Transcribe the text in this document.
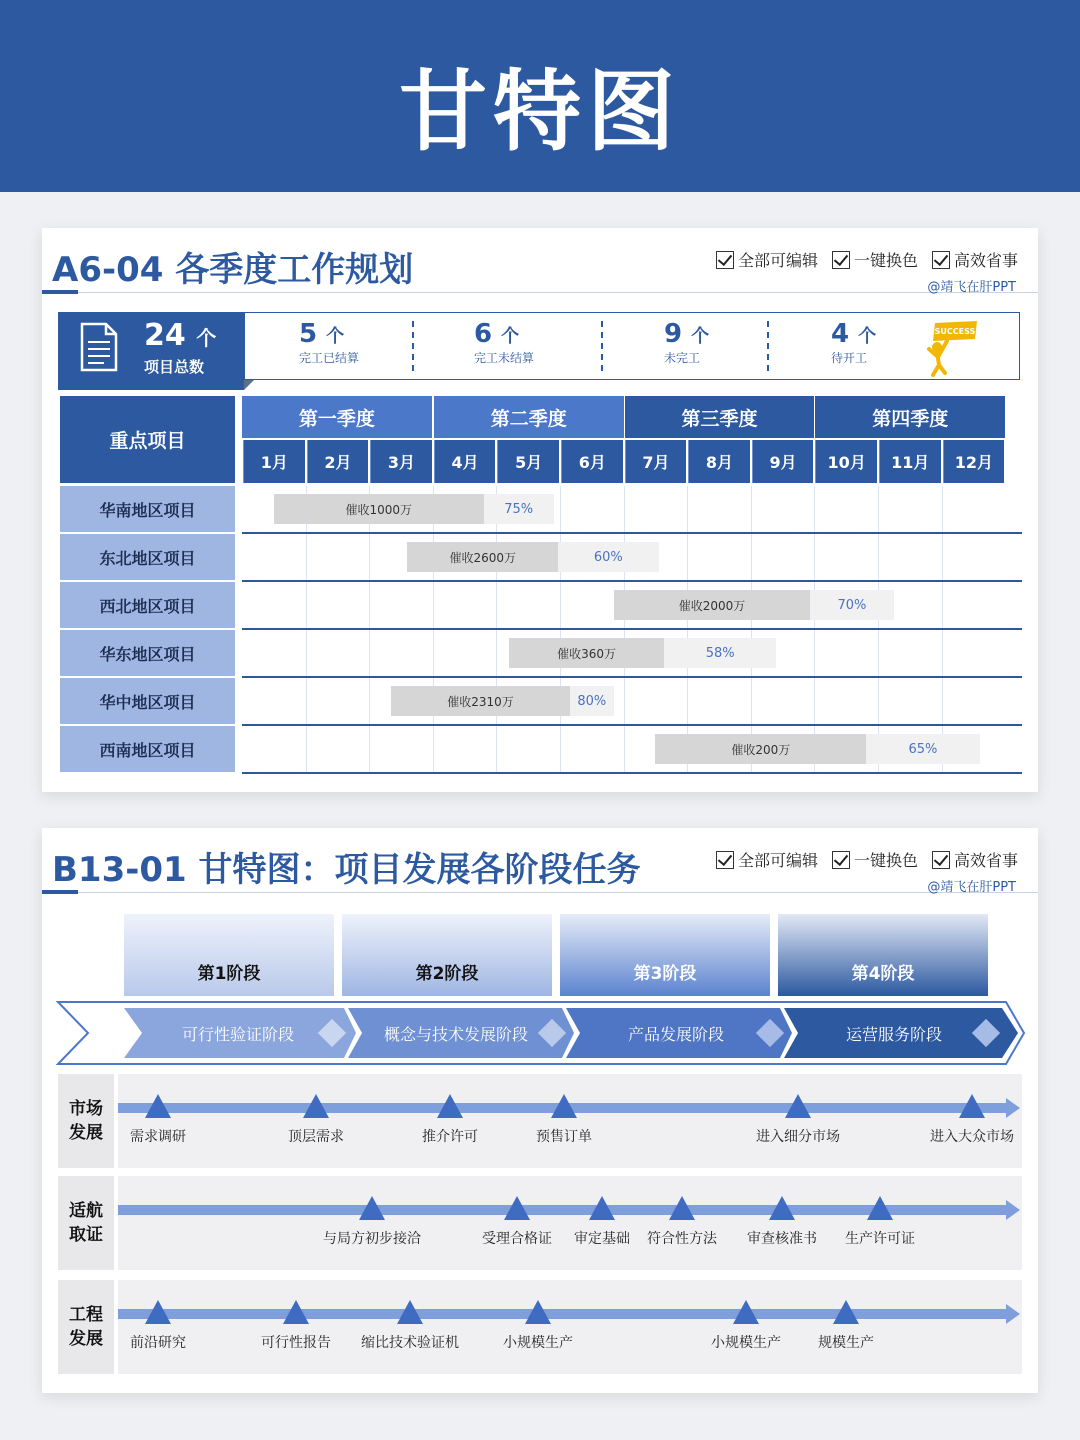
甘特图
A6-04 各季度工作规划	全部可编辑 一键换色 高效省事
@靖飞在肝PPT
24 个
项目总数
5 个
完工已结算
6 个
完工未结算
9 个
未完工
4 个
待开工
SUCCESS
重点项目
第一季度	第二季度	第三季度	第四季度
1月	2月	3月	4月	5月	6月	7月	8月	9月	10月	11月	12月
华南地区项目	催收1000万	75%
东北地区项目	催收2600万	60%
西北地区项目	催收2000万	70%
华东地区项目	催收360万	58%
华中地区项目	催收2310万	80%
西南地区项目	催收200万	65%
B13-01 甘特图：项目发展各阶段任务	全部可编辑 一键换色 高效省事
@靖飞在肝PPT
第1阶段	第2阶段	第3阶段	第4阶段
可行性验证阶段	概念与技术发展阶段	产品发展阶段	运营服务阶段
市场
发展	需求调研	顶层需求	推介许可	预售订单	进入细分市场	进入大众市场
适航
取证	与局方初步接洽	受理合格证 审定基础 符合性方法 审查核准书 生产许可证
工程
发展	前沿研究	可行性报告 缩比技术验证机	小规模生产	小规模生产	规模生产
